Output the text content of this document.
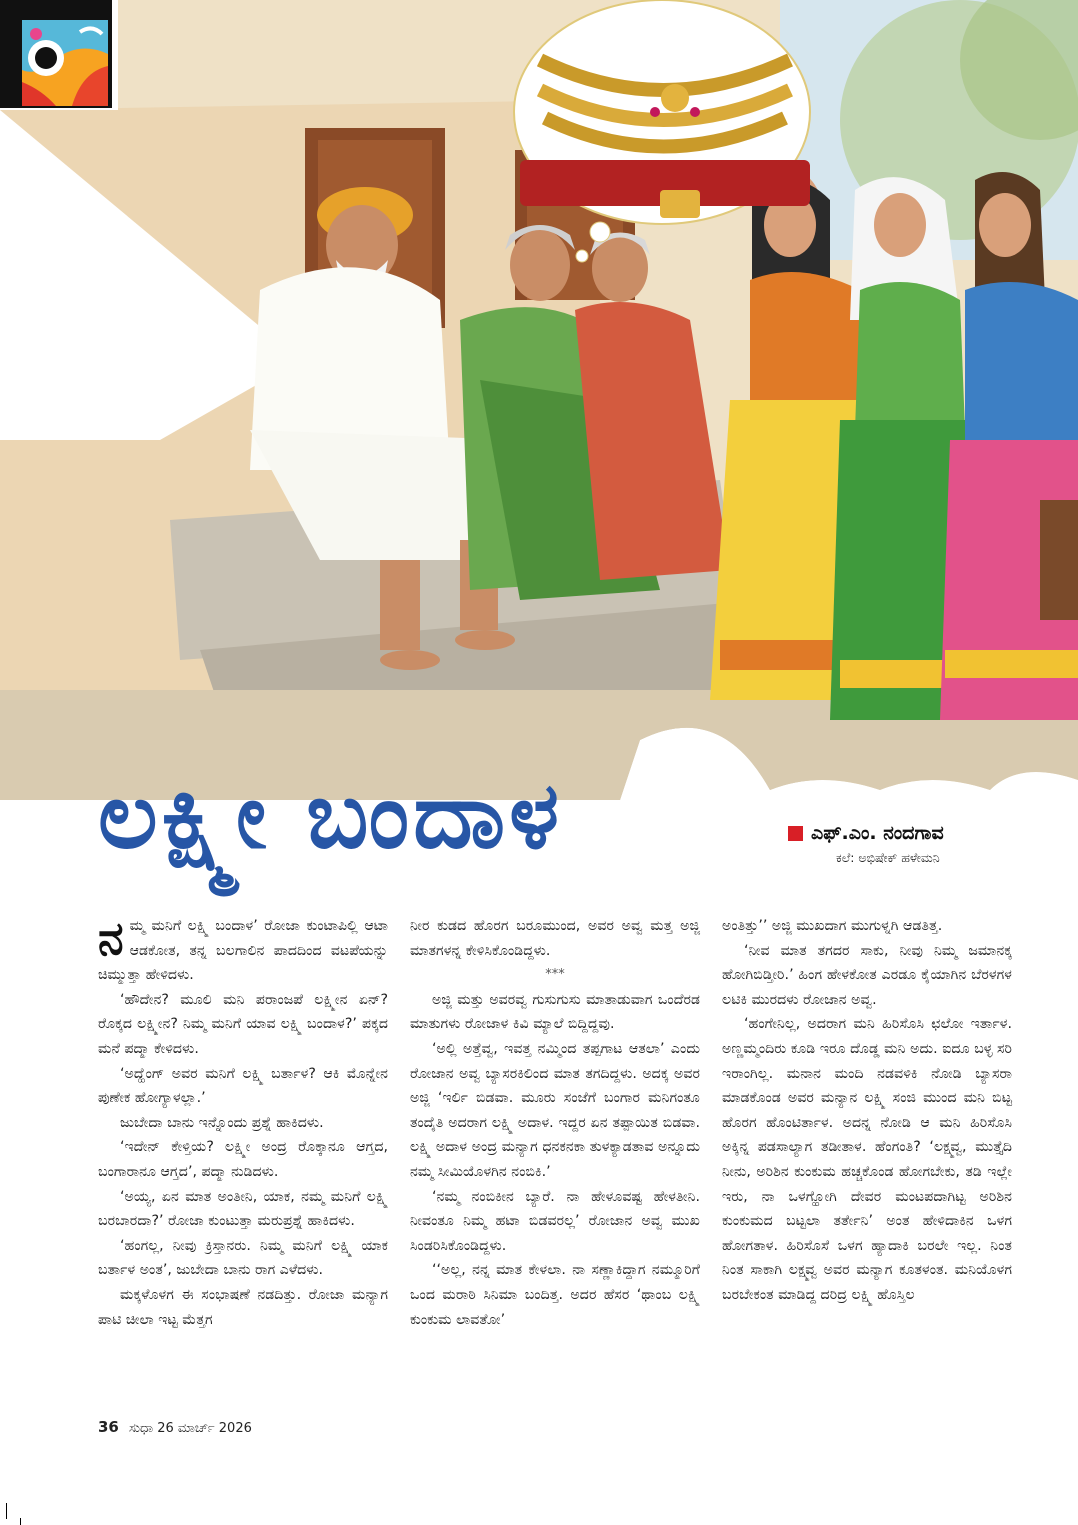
ಲಕ್ಷ್ಮೀ ಬಂದಾಳ	ಎಫ್.ಎಂ. ನಂದಗಾವ
ಕಲೆ: ಅಭಿಷೇಕ್ ಹಳೇಮನಿ

ನಮ್ಮ ಮನಿಗೆ ಲಕ್ಷ್ಮಿ ಬಂದಾಳ’ ರೋಜಾ ಕುಂಟಾಪಿಲ್ಲಿ ಆಟಾ ಆಡಕೋತ, ತನ್ನ ಬಲಗಾಲಿನ ಪಾದದಿಂದ ವಟಪೆಯನ್ನು ಚಿಮ್ಮುತ್ತಾ ಹೇಳಿದಳು.

‘ಹೌದೇನ? ಮೂಲಿ ಮನಿ ಪರಾಂಜಪೆ ಲಕ್ಷ್ಮೀನ ಏನ್? ರೊಕ್ಕದ ಲಕ್ಷ್ಮೀನ? ನಿಮ್ಮ ಮನಿಗೆ ಯಾವ ಲಕ್ಷ್ಮಿ ಬಂದಾಳ?’ ಪಕ್ಕದ ಮನೆ ಪದ್ಮಾ ಕೇಳಿದಳು.

‘ಅದ್ಹೆಂಗ್ ಅವರ ಮನಿಗೆ ಲಕ್ಷ್ಮಿ ಬರ್ತಾಳ? ಆಕಿ ಮೊನ್ನೇನ ಪುಣೇಕ ಹೋಗ್ಯಾಳಲ್ಲಾ.’

ಜುಬೇದಾ ಬಾನು ಇನ್ನೊಂದು ಪ್ರಶ್ನೆ ಹಾಕಿದಳು.

‘ಇದೇನ್ ಕೇಳ್ತಿಯ? ಲಕ್ಷ್ಮೀ ಅಂದ್ರ ರೊಕ್ಕಾನೂ ಆಗ್ತದ, ಬಂಗಾರಾನೂ ಆಗ್ತದ’, ಪದ್ಮಾ ನುಡಿದಳು.

‘ಅಯ್ಯ, ಏನ ಮಾತ ಅಂತೀನಿ, ಯಾಕ, ನಮ್ಮ ಮನಿಗೆ ಲಕ್ಷ್ಮಿ ಬರಬಾರದಾ?’ ರೋಜಾ ಕುಂಟುತ್ತಾ ಮರುಪ್ರಶ್ನೆ ಹಾಕಿದಳು.

‘ಹಂಗಲ್ಲ, ನೀವು ಕ್ರಿಸ್ತಾನರು. ನಿಮ್ಮ ಮನಿಗೆ ಲಕ್ಷ್ಮಿ ಯಾಕ ಬರ್ತಾಳ ಅಂತ’, ಜುಬೇದಾ ಬಾನು ರಾಗ ಎಳೆದಳು.

ಮಕ್ಕಳೊಳಗ ಈ ಸಂಭಾಷಣೆ ನಡದಿತ್ತು. ರೋಜಾ ಮನ್ಯಾಗ ಪಾಟಿ ಚೀಲಾ ಇಟ್ಟ ಮೆತ್ತಗ

ನೀರ ಕುಡದ ಹೊರಗ ಬರೂಮುಂದ, ಅವರ ಅವ್ವ ಮತ್ತ ಅಜ್ಜಿ ಮಾತಗಳನ್ನ ಕೇಳಿಸಿಕೊಂಡಿದ್ದಳು.

***

ಅಜ್ಜಿ ಮತ್ತು ಅವರವ್ವ ಗುಸುಗುಸು ಮಾತಾಡುವಾಗ ಒಂದೆರಡ ಮಾತುಗಳು ರೋಜಾಳ ಕಿವಿ ಮ್ಯಾಲೆ ಬಿದ್ದಿದ್ದವು.

‘ಅಲ್ಲಿ ಅತ್ತೆವ್ವ, ಇವತ್ತ ನಮ್ಮಿಂದ ತಪ್ಪಗಾಟ ಆತಲಾ’ ಎಂದು ರೋಜಾನ ಅವ್ವ ಬ್ಯಾಸರಕಿಲಿಂದ ಮಾತ ತಗದಿದ್ದಳು. ಅದಕ್ಕ ಅವರ ಅಜ್ಜಿ ‘ಇರ್ಲಿ ಬಿಡವಾ. ಮೂರು ಸಂಜೆಗೆ ಬಂಗಾರ ಮನಿಗಂತೂ ತಂದೈತಿ ಅದರಾಗ ಲಕ್ಷ್ಮಿ ಅದಾಳ. ಇದ್ದರ ಏನ ತಪ್ಪಾಯಿತ ಬಿಡವಾ. ಲಕ್ಷ್ಮಿ ಅದಾಳ ಅಂದ್ರ ಮನ್ಯಾಗ ಧನಕನಕಾ ತುಳಕ್ಯಾಡತಾವ ಅನ್ನೂದು ನಮ್ಮ ಸೀಮಿಯೊಳಗಿನ ನಂಬಿಕಿ.’

‘ನಮ್ಮ ನಂಬಿಕೀನ ಬ್ಯಾರೆ. ನಾ ಹೇಳೂವಷ್ಟ ಹೇಳತೀನಿ. ನೀವಂತೂ ನಿಮ್ಮ ಹಟಾ ಬಿಡವರಲ್ಲ’ ರೋಜಾನ ಅವ್ವ ಮುಖ ಸಿಂಡರಿಸಿಕೊಂಡಿದ್ದಳು.

‘‘ಅಲ್ಲ, ನನ್ನ ಮಾತ ಕೇಳಲಾ. ನಾ ಸಣ್ಣಾಕಿದ್ದಾಗ ನಮ್ಮೂರಿಗೆ ಒಂದ ಮರಾಠಿ ಸಿನಿಮಾ ಬಂದಿತ್ತ. ಅದರ ಹೆಸರ ‘ಥಾಂಬ ಲಕ್ಷ್ಮಿ ಕುಂಕುಮ ಲಾವತೋ’

ಅಂತಿತ್ತು’’ ಅಜ್ಜಿ ಮುಖದಾಗ ಮುಗುಳ್ನಗಿ ಆಡತಿತ್ತ.

‘ನೀವ ಮಾತ ತಗದರ ಸಾಕು, ನೀವು ನಿಮ್ಮ ಜಮಾನಕ್ಕ ಹೋಗಿಬಿಡ್ತೀರಿ.’ ಹಿಂಗ ಹೇಳಕೋತ ಎರಡೂ ಕೈಯಾಗಿನ ಬೆರಳಗಳ ಲಟಿಕಿ ಮುರದಳು ರೋಜಾನ ಅವ್ವ.

‘ಹಂಗೇನಿಲ್ಲ, ಅದರಾಗ ಮನಿ ಹಿರಿಸೊಸಿ ಛಲೋ ಇರ್ತಾಳ. ಅಣ್ಣಮ್ಮಂದಿರು ಕೂಡಿ ಇರೂ ದೊಡ್ಡ ಮನಿ ಅದು. ಐದೂ ಬಳ್ಳ ಸರಿ ಇರಾಂಗಿಲ್ಲ. ಮನಾನ ಮಂದಿ ನಡವಳಿಕಿ ನೋಡಿ ಬ್ಯಾಸರಾ ಮಾಡಕೊಂಡ ಅವರ ಮನ್ಯಾನ ಲಕ್ಷ್ಮಿ ಸಂಜಿ ಮುಂದ ಮನಿ ಬಿಟ್ಟ ಹೊರಗ ಹೊಂಟಿರ್ತಾಳ. ಅದನ್ನ ನೋಡಿ ಆ ಮನಿ ಹಿರಿಸೊಸಿ ಅಕ್ಕಿನ್ನ ಪಡಸಾಲ್ಯಾಗ ತಡೀತಾಳ. ಹೆಂಗಂತಿ? ‘ಲಕ್ಷ್ಮವ್ವ, ಮುತ್ತೈದಿ ನೀನು, ಅರಿಶಿನ ಕುಂಕುಮ ಹಚ್ಚಕೊಂಡ ಹೋಗಬೇಕು, ತಡಿ ಇಲ್ಲೇ ಇರು, ನಾ ಒಳಗ್ಹೋಗಿ ದೇವರ ಮಂಟಪದಾಗಿಟ್ಟ ಅರಿಶಿನ ಕುಂಕುಮದ ಬಟ್ಟಲಾ ತರ್ತೇನಿ’ ಅಂತ ಹೇಳಿದಾಕಿನ ಒಳಗ ಹೋಗತಾಳ. ಹಿರಿಸೊಸೆ ಒಳಗ ಹ್ಯಾದಾಕಿ ಬರಲೇ ಇಲ್ಲ. ನಿಂತ ನಿಂತ ಸಾಕಾಗಿ ಲಕ್ಷ್ಮವ್ವ ಅವರ ಮನ್ಯಾಗ ಕೂತಳಂತ. ಮನಿಯೊಳಗ ಬರಬೇಕಂತ ಮಾಡಿದ್ದ ದರಿದ್ರ ಲಕ್ಷ್ಮಿ ಹೊಸ್ತಿಲ

36 ಸುಧಾ 26 ಮಾರ್ಚ್ 2026
